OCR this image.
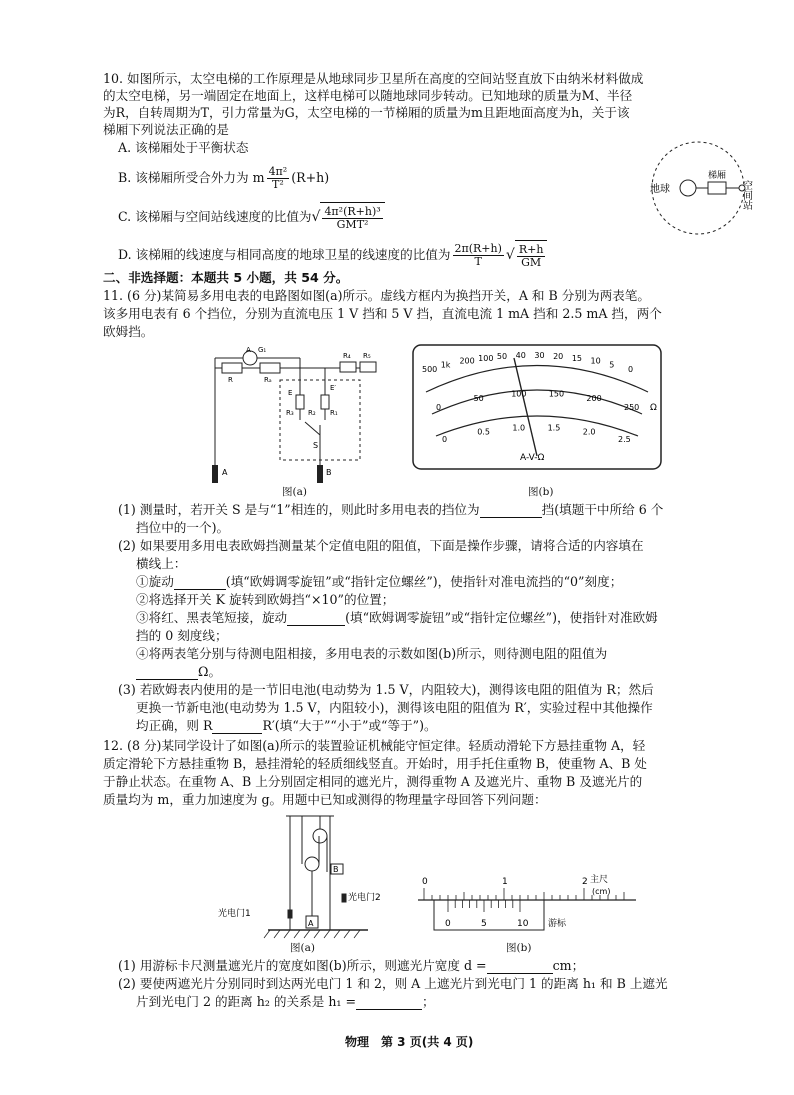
10. 如图所示，太空电梯的工作原理是从地球同步卫星所在高度的空间站竖直放下由纳米材料做成
的太空电梯，另一端固定在地面上，这样电梯可以随地球同步转动。已知地球的质量为M、半径
为R，自转周期为T，引力常量为G，太空电梯的一节梯厢的质量为m且距地面高度为h，关于该
梯厢下列说法正确的是
A. 该梯厢处于平衡状态
B. 该梯厢所受合外力为 m $\frac{\text{4π²}}{\text{T²}} (R+h)$
C. 该梯厢与空间站线速度的比值为√ $\frac{\text{4π²(R+h)³}}{\text{GMT²}}$
D. 该梯厢的线速度与相同高度的地球卫星的线速度的比值为 $\frac{2\pi(R+h)}{T}$ √ $\frac{R+h}{GM}$
地球
梯厢
空间站
二、非选择题：本题共 5 小题，共 54 分。
11. (6 分)某简易多用电表的电路图如图(a)所示。虚线方框内为换挡开关，A 和 B 分别为两表笔。
该多用电表有 6 个挡位，分别为直流电压 1 V 挡和 5 V 挡，直流电流 1 mA 挡和 2.5 mA 挡，两个
欧姆挡。
A G₁
R	Rₐ
R₄ R₅
E
E′
R₃ R₂ R₁
S
A	B
图(a)
500
1k 200 100 50 40 30 20 15 10 5
0
0
50	100	150	200
250
0
0.5	1.0	1.5	2.0
2.5
A-V-Ω
Ω
图(b)
(1) 测量时，若开关 S 是与“1”相连的，则此时多用电表的挡位为	挡(填题干中所给 6 个
挡位中的一个)。
(2) 如果要用多用电表欧姆挡测量某个定值电阻的阻值，下面是操作步骤，请将合适的内容填在
横线上：
①旋动	(填“欧姆调零旋钮”或“指针定位螺丝”)，使指针对准电流挡的“0”刻度；
②将选择开关 K 旋转到欧姆挡“×10”的位置；
③将红、黑表笔短接，旋动	(填“欧姆调零旋钮”或“指针定位螺丝”)，使指针对准欧姆
挡的 0 刻度线；
④将两表笔分别与待测电阻相接，多用电表的示数如图(b)所示，则待测电阻的阻值为
Ω。
(3) 若欧姆表内使用的是一节旧电池(电动势为 1.5 V，内阻较大)，测得该电阻的阻值为 R；然后
更换一节新电池(电动势为 1.5 V，内阻较小)，测得该电阻的阻值为 R′，实验过程中其他操作
均正确，则 R	R′(填“大于”“小于”或“等于”)。
12. (8 分)某同学设计了如图(a)所示的装置验证机械能守恒定律。轻质动滑轮下方悬挂重物 A，轻
质定滑轮下方悬挂重物 B，悬挂滑轮的轻质细线竖直。开始时，用手托住重物 B，使重物 A、B 处
于静止状态。在重物 A、B 上分别固定相同的遮光片，测得重物 A 及遮光片、重物 B 及遮光片的
质量均为 m，重力加速度为 g。用题中已知或测得的物理量字母回答下列问题：
A
B
光电门1
光电门2
图(a)
主尺
(cm)
游标
0	1	2
0	5	10
图(b)
(1) 用游标卡尺测量遮光片的宽度如图(b)所示，则遮光片宽度 d =	cm；
(2) 要使两遮光片分别同时到达两光电门 1 和 2，则 A 上遮光片到光电门 1 的距离 h₁ 和 B 上遮光
片到光电门 2 的距离 h₂ 的关系是 h₁ =	；
物理　第 3 页(共 4 页)
